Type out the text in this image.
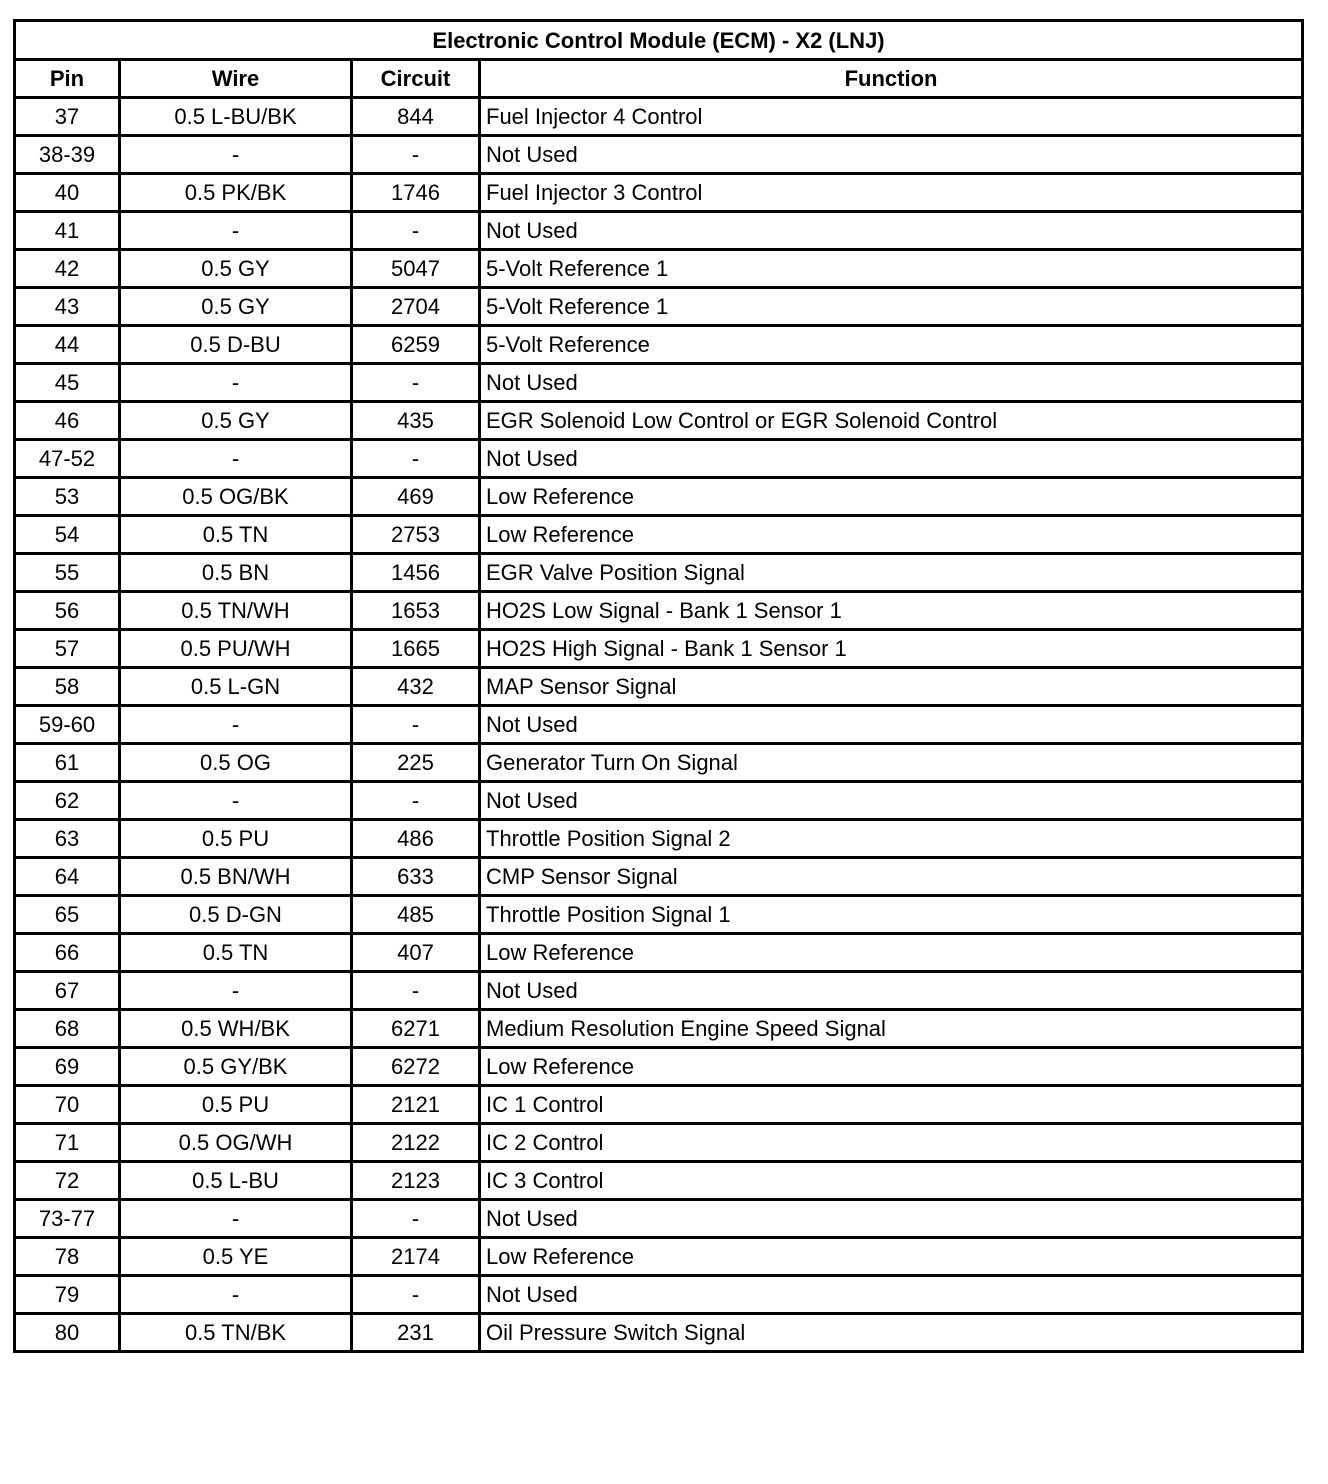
Electronic Control Module (ECM) - X2 (LNJ)			
Pin	Wire	Circuit	Function
37	0.5 L-BU/BK	844	Fuel Injector 4 Control
38-39	-	-	Not Used
40	0.5 PK/BK	1746	Fuel Injector 3 Control
41	-	-	Not Used
42	0.5 GY	5047	5-Volt Reference 1
43	0.5 GY	2704	5-Volt Reference 1
44	0.5 D-BU	6259	5-Volt Reference
45	-	-	Not Used
46	0.5 GY	435	EGR Solenoid Low Control or EGR Solenoid Control
47-52	-	-	Not Used
53	0.5 OG/BK	469	Low Reference
54	0.5 TN	2753	Low Reference
55	0.5 BN	1456	EGR Valve Position Signal
56	0.5 TN/WH	1653	HO2S Low Signal - Bank 1 Sensor 1
57	0.5 PU/WH	1665	HO2S High Signal - Bank 1 Sensor 1
58	0.5 L-GN	432	MAP Sensor Signal
59-60	-	-	Not Used
61	0.5 OG	225	Generator Turn On Signal
62	-	-	Not Used
63	0.5 PU	486	Throttle Position Signal 2
64	0.5 BN/WH	633	CMP Sensor Signal
65	0.5 D-GN	485	Throttle Position Signal 1
66	0.5 TN	407	Low Reference
67	-	-	Not Used
68	0.5 WH/BK	6271	Medium Resolution Engine Speed Signal
69	0.5 GY/BK	6272	Low Reference
70	0.5 PU	2121	IC 1 Control
71	0.5 OG/WH	2122	IC 2 Control
72	0.5 L-BU	2123	IC 3 Control
73-77	-	-	Not Used
78	0.5 YE	2174	Low Reference
79	-	-	Not Used
80	0.5 TN/BK	231	Oil Pressure Switch Signal
